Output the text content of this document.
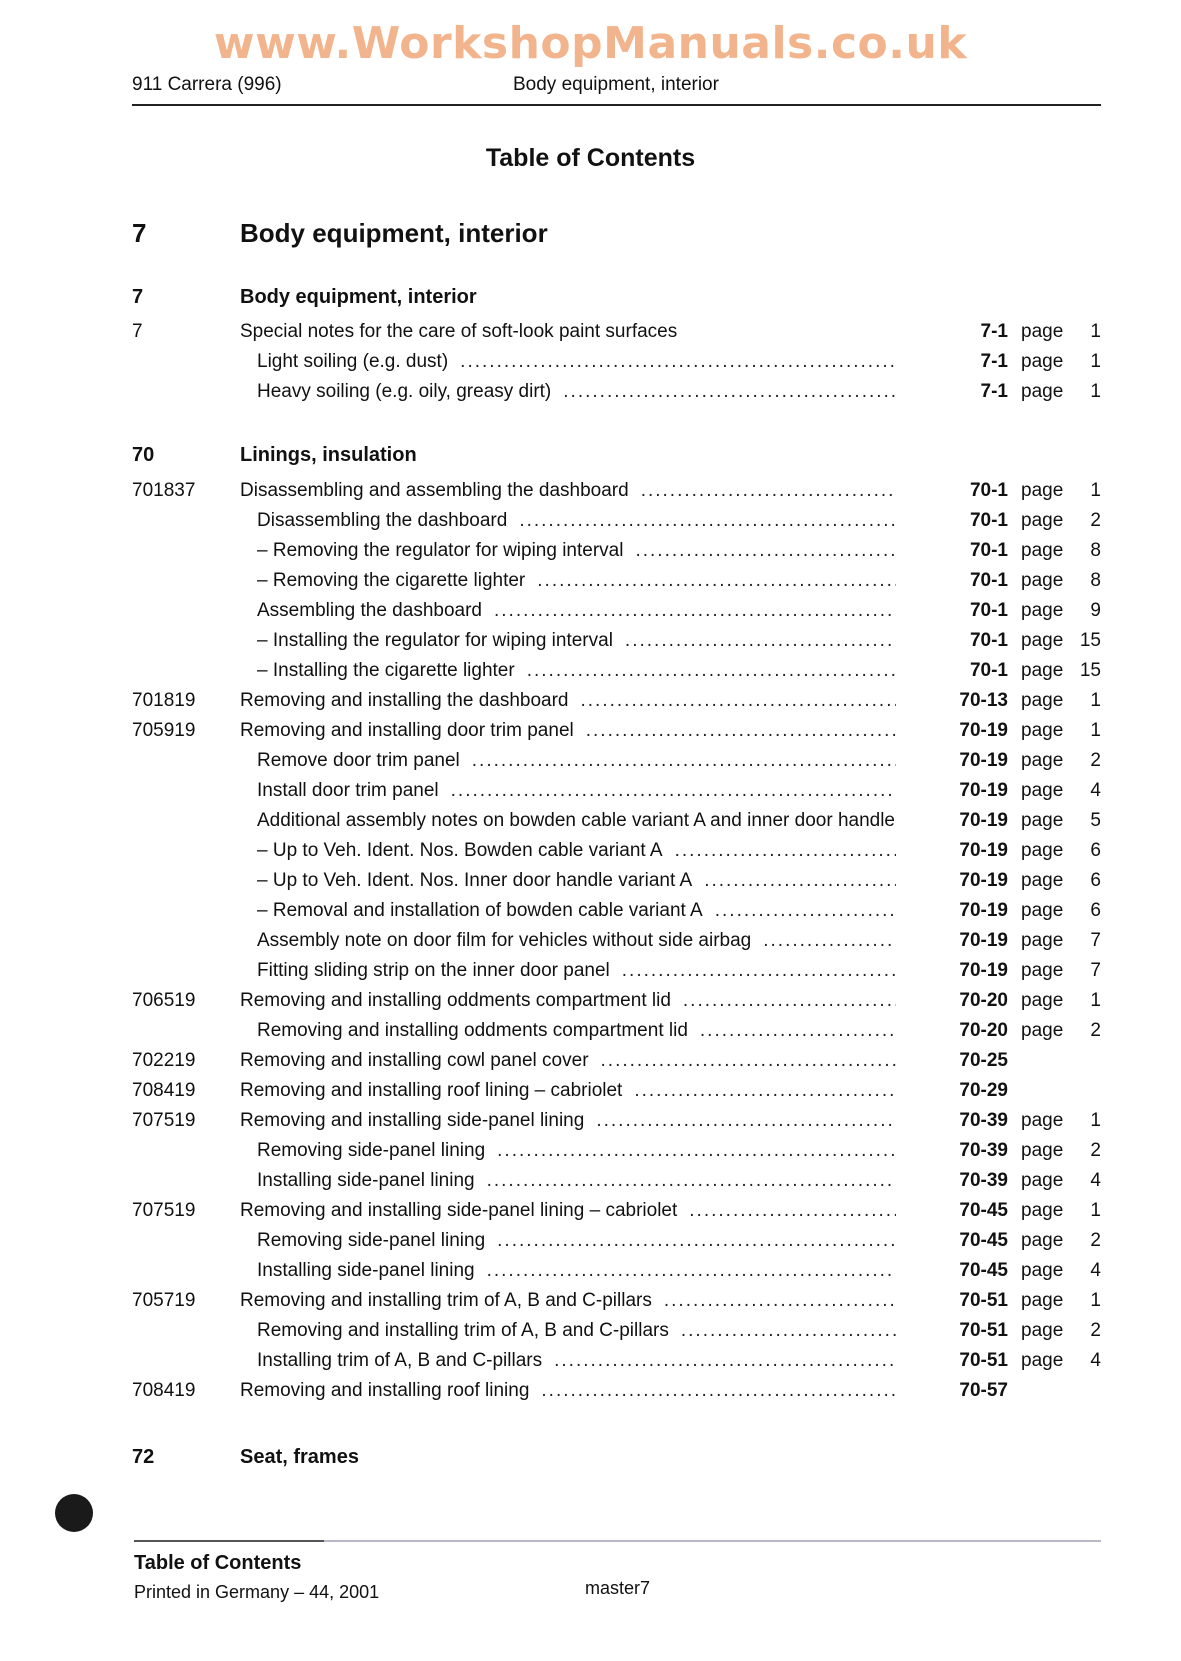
www.WorkshopManuals.co.uk
911 Carrera (996)	Body equipment, interior
Table of Contents
7	Body equipment, interior
7	Body equipment, interior
7	Special notes for the care of soft-look paint surfaces	7-1 page	1
Light soiling (e.g. dust) .....	7-1 page	1
Heavy soiling (e.g. oily, greasy dirt) .....	7-1 page	1
70	Linings, insulation
701837 Disassembling and assembling the dashboard .....	70-1 page	1
Disassembling the dashboard .....	70-1 page	2
– Removing the regulator for wiping interval .....	70-1 page	8
– Removing the cigarette lighter .....	70-1 page	8
Assembling the dashboard .....	70-1 page	9
– Installing the regulator for wiping interval .....	70-1 page 15
– Installing the cigarette lighter .....	70-1 page 15
701819 Removing and installing the dashboard .....	70-13 page	1
705919 Removing and installing door trim panel .....	70-19 page	1
Remove door trim panel .....	70-19 page	2
Install door trim panel .....	70-19 page	4
Additional assembly notes on bowden cable variant A and inner door handle	70-19 page	5
– Up to Veh. Ident. Nos. Bowden cable variant A .....	70-19 page	6
– Up to Veh. Ident. Nos. Inner door handle variant A .....	70-19 page	6
– Removal and installation of bowden cable variant A .....	70-19 page	6
Assembly note on door film for vehicles without side airbag .....	70-19 page	7
Fitting sliding strip on the inner door panel .....	70-19 page	7
706519 Removing and installing oddments compartment lid .....	70-20 page	1
Removing and installing oddments compartment lid .....	70-20 page	2
702219 Removing and installing cowl panel cover .....	70-25
708419 Removing and installing roof lining – cabriolet .....	70-29
707519 Removing and installing side-panel lining .....	70-39 page	1
Removing side-panel lining .....	70-39 page	2
Installing side-panel lining .....	70-39 page	4
707519 Removing and installing side-panel lining – cabriolet .....	70-45 page	1
Removing side-panel lining .....	70-45 page	2
Installing side-panel lining .....	70-45 page	4
705719 Removing and installing trim of A, B and C-pillars .....	70-51 page	1
Removing and installing trim of A, B and C-pillars .....	70-51 page	2
Installing trim of A, B and C-pillars .....	70-51 page	4
708419 Removing and installing roof lining .....	70-57
72	Seat, frames
Table of Contents
Printed in Germany – 44, 2001	master7
